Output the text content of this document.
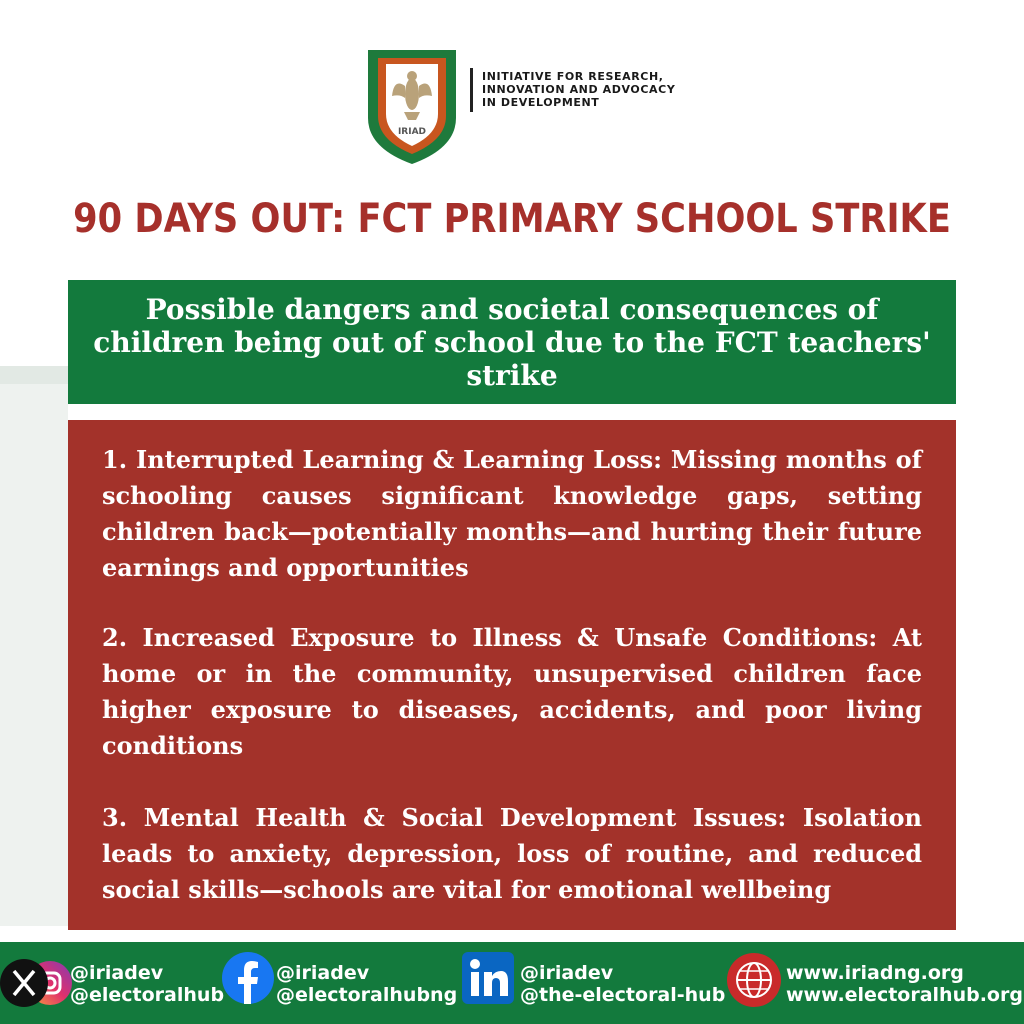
IRIAD
INITIATIVE FOR RESEARCH,
INNOVATION AND ADVOCACY
IN DEVELOPMENT
90 DAYS OUT: FCT PRIMARY SCHOOL STRIKE

Possible dangers and societal consequences of children being out of school due to the FCT teachers' strike

1. Interrupted Learning & Learning Loss: Missing months of schooling causes significant knowledge gaps, setting children back—potentially months—and hurting their future earnings and opportunities

2. Increased Exposure to Illness & Unsafe Conditions: At home or in the community, unsupervised children face higher exposure to diseases, accidents, and poor living conditions

3. Mental Health & Social Development Issues: Isolation leads to anxiety, depression, loss of routine, and reduced social skills—schools are vital for emotional wellbeing

@iriadev
@electoralhub
@iriadev
@electoralhubng
@iriadev
@the-electoral-hub
www.iriadng.org
www.electoralhub.org
